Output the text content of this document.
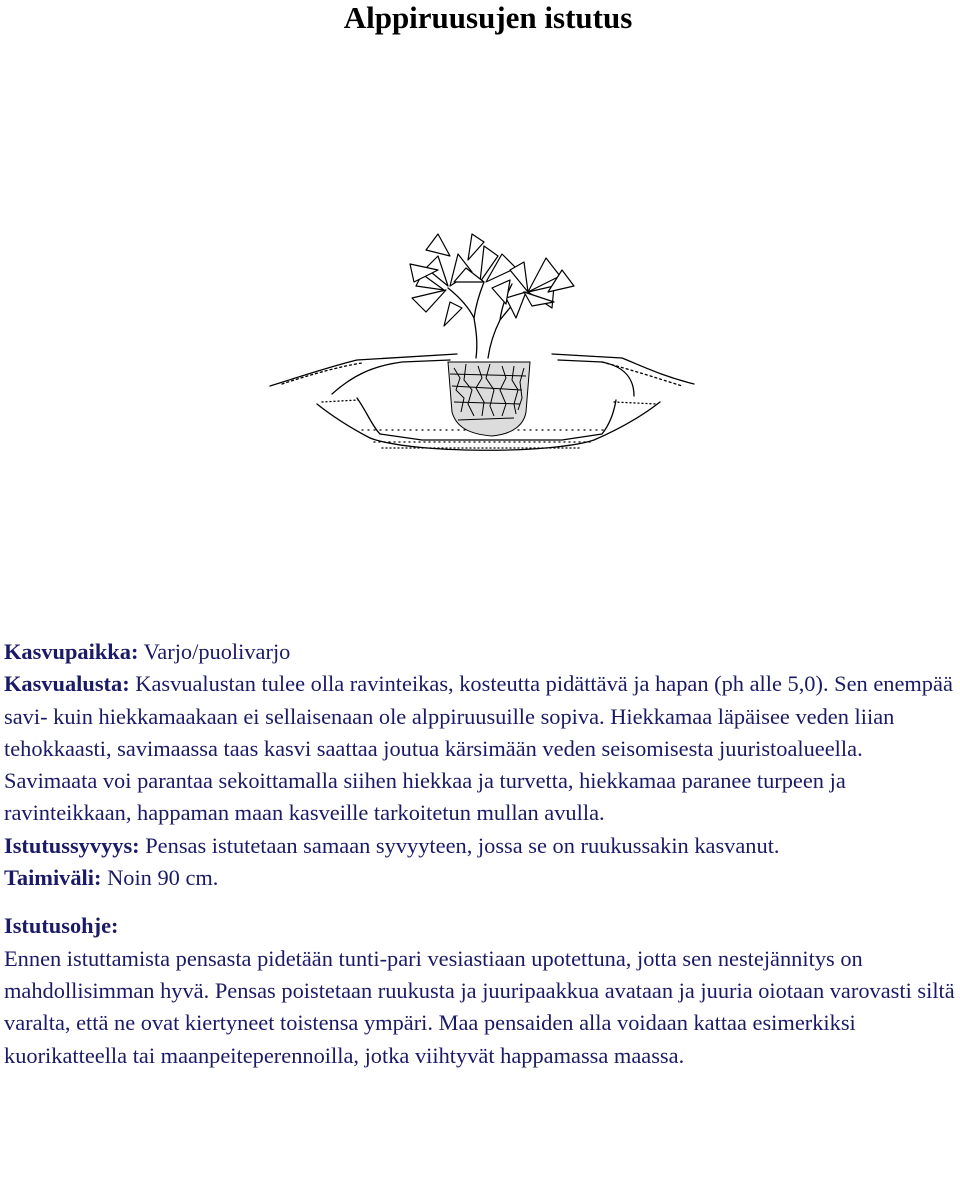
Alppiruusujen istutus

Kasvupaikka: Varjo/puolivarjo

Kasvualusta: Kasvualustan tulee olla ravinteikas, kosteutta pidättävä ja hapan (ph alle 5,0). Sen enempää savi- kuin hiekkamaakaan ei sellaisenaan ole alppiruusuille sopiva. Hiekkamaa läpäisee veden liian tehokkaasti, savimaassa taas kasvi saattaa joutua kärsimään veden seisomisesta juuristoalueella. Savimaata voi parantaa sekoittamalla siihen hiekkaa ja turvetta, hiekkamaa paranee turpeen ja ravinteikkaan, happaman maan kasveille tarkoitetun mullan avulla.

Istutussyvyys: Pensas istutetaan samaan syvyyteen, jossa se on ruukussakin kasvanut.

Taimiväli: Noin 90 cm.

Istutusohje:

Ennen istuttamista pensasta pidetään tunti-pari vesiastiaan upotettuna, jotta sen nestejännitys on mahdollisimman hyvä. Pensas poistetaan ruukusta ja juuripaakkua avataan ja juuria oiotaan varovasti siltä varalta, että ne ovat kiertyneet toistensa ympäri. Maa pensaiden alla voidaan kattaa esimerkiksi kuorikatteella tai maanpeiteperennoilla, jotka viihtyvät happamassa maassa.
